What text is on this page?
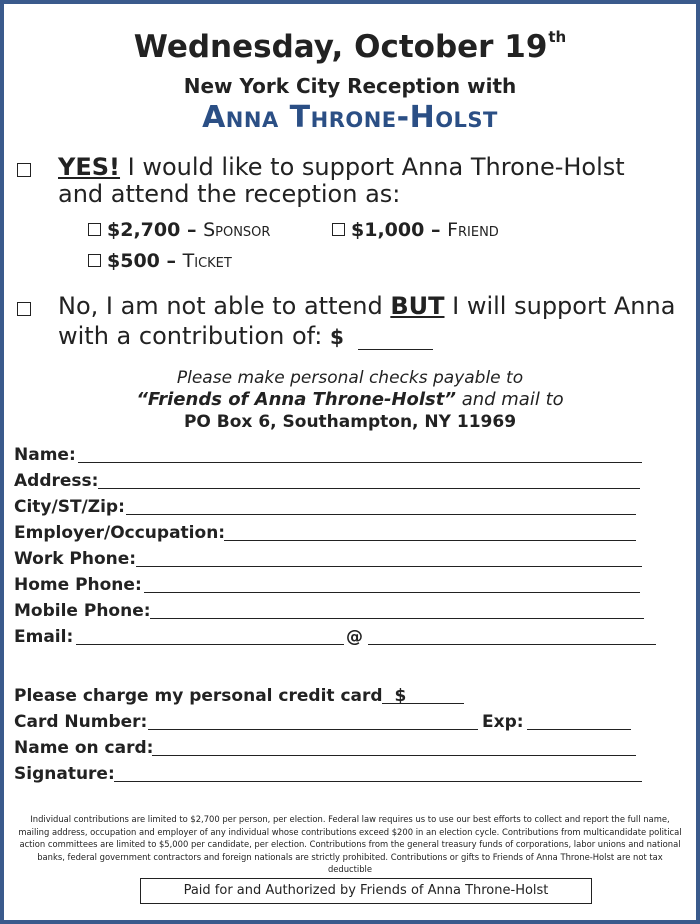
Wednesday, October 19th
New York City Reception with
Anna Throne-Holst
YES! I would like to support Anna Throne-Holst
and attend the reception as:
$2,700 – Sponsor	$1,000 – Friend
$500 – Ticket
No, I am not able to attend BUT I will support Anna
with a contribution of: $
Please make personal checks payable to
“Friends of Anna Throne-Holst” and mail to
PO Box 6, Southampton, NY 11969
Name:
Address:
City/ST/Zip:
Employer/Occupation:
Work Phone:
Home Phone:
Mobile Phone:
Email:	@
Please charge my personal credit card $
Card Number:	Exp:
Name on card:
Signature:
Individual contributions are limited to $2,700 per person, per election. Federal law requires us to use our best efforts to collect and report the full name, mailing address, occupation and employer of any individual whose contributions exceed $200 in an election cycle. Contributions from multicandidate political action committees are limited to $5,000 per candidate, per election. Contributions from the general treasury funds of corporations, labor unions and national banks, federal government contractors and foreign nationals are strictly prohibited. Contributions or gifts to Friends of Anna Throne-Holst are not tax deductible
Paid for and Authorized by Friends of Anna Throne-Holst
